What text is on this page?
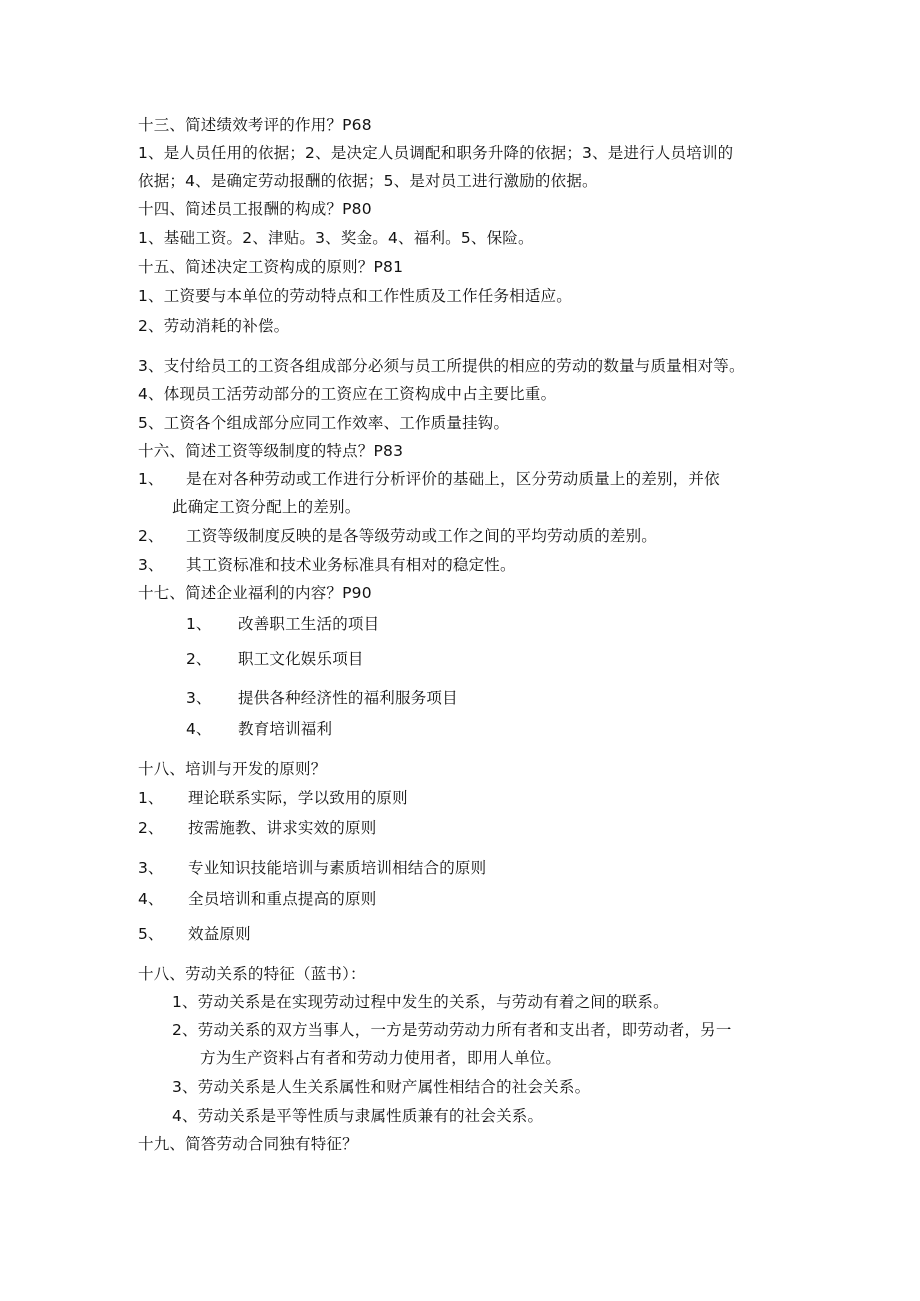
十三、简述绩效考评的作用？P68
1、是人员任用的依据；2、是决定人员调配和职务升降的依据；3、是进行人员培训的
依据；4、是确定劳动报酬的依据；5、是对员工进行激励的依据。
十四、简述员工报酬的构成？P80
1、基础工资。2、津贴。3、奖金。4、福利。5、保险。
十五、简述决定工资构成的原则？P81
1、工资要与本单位的劳动特点和工作性质及工作任务相适应。
2、劳动消耗的补偿。
3、支付给员工的工资各组成部分必须与员工所提供的相应的劳动的数量与质量相对等。
4、体现员工活劳动部分的工资应在工资构成中占主要比重。
5、工资各个组成部分应同工作效率、工作质量挂钩。
十六、简述工资等级制度的特点？P83
1、 是在对各种劳动或工作进行分析评价的基础上，区分劳动质量上的差别，并依
此确定工资分配上的差别。
2、 工资等级制度反映的是各等级劳动或工作之间的平均劳动质的差别。
3、 其工资标准和技术业务标准具有相对的稳定性。
十七、简述企业福利的内容？P90
1、 改善职工生活的项目
2、 职工文化娱乐项目
3、 提供各种经济性的福利服务项目
4、 教育培训福利
十八、培训与开发的原则？
1、 理论联系实际，学以致用的原则
2、 按需施教、讲求实效的原则
3、 专业知识技能培训与素质培训相结合的原则
4、 全员培训和重点提高的原则
5、 效益原则
十八、劳动关系的特征（蓝书）：
1、劳动关系是在实现劳动过程中发生的关系，与劳动有着之间的联系。
2、劳动关系的双方当事人，一方是劳动劳动力所有者和支出者，即劳动者，另一
方为生产资料占有者和劳动力使用者，即用人单位。
3、劳动关系是人生关系属性和财产属性相结合的社会关系。
4、劳动关系是平等性质与隶属性质兼有的社会关系。
十九、简答劳动合同独有特征？
